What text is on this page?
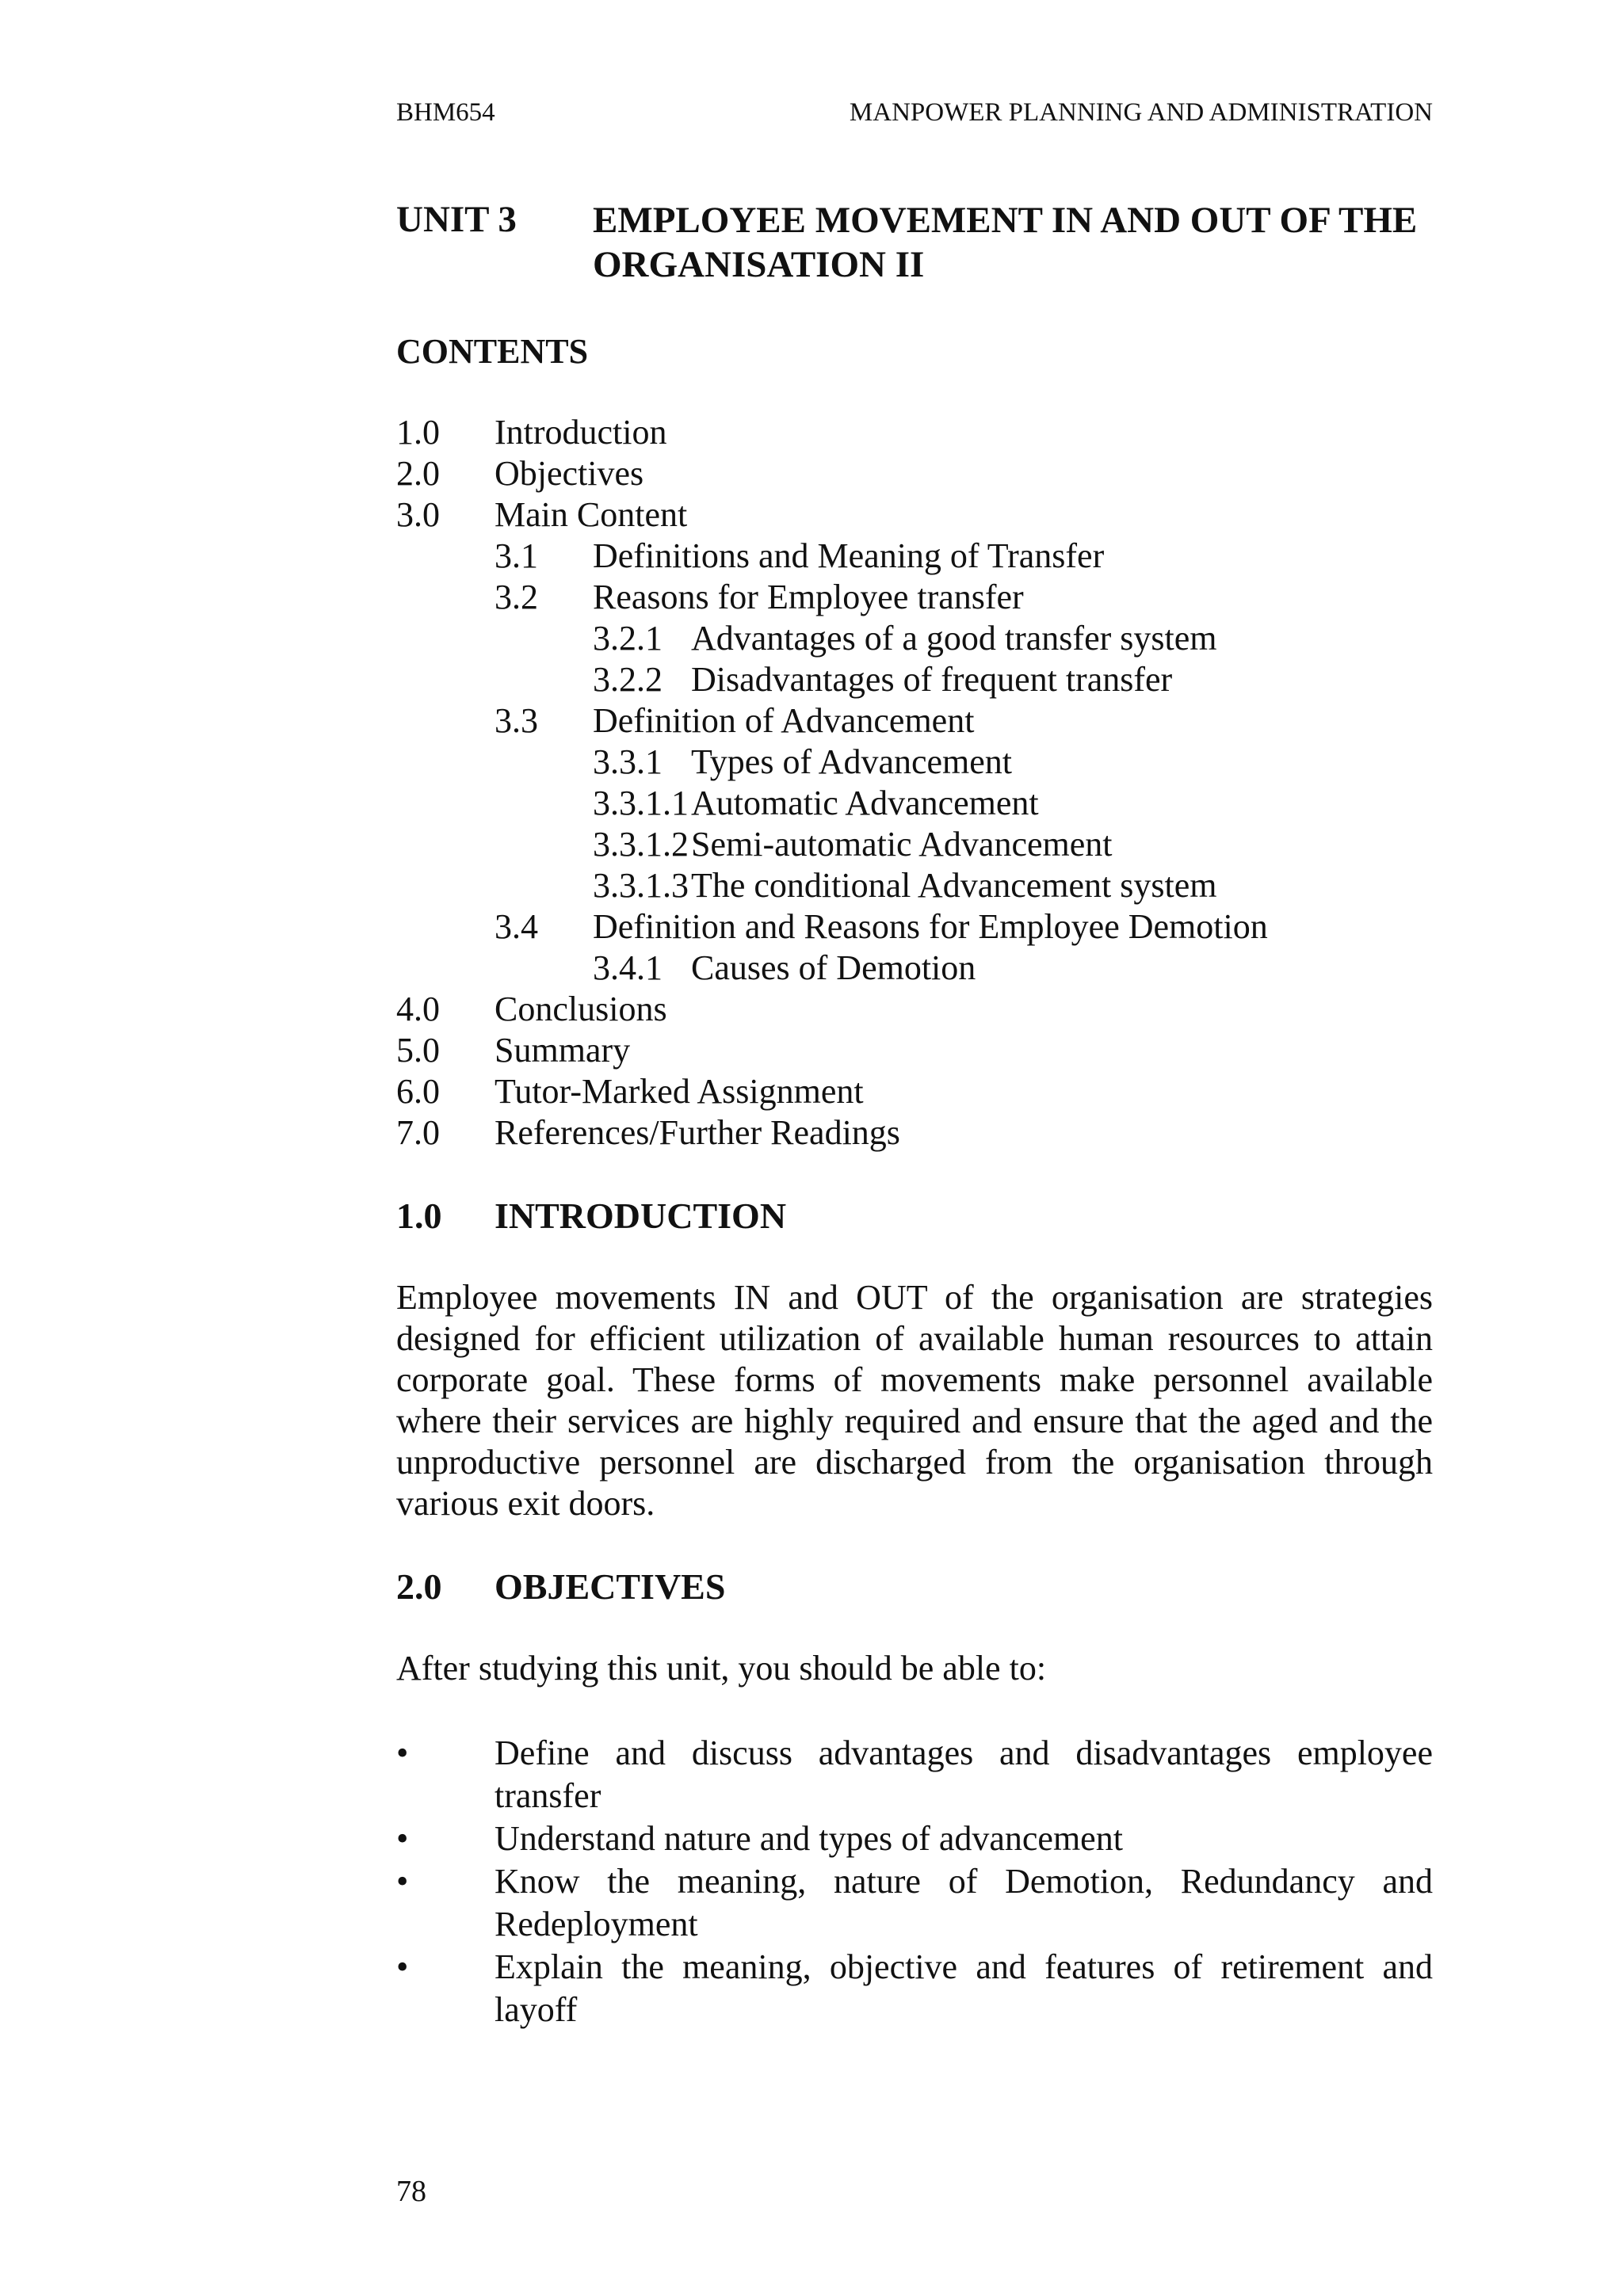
BHM654	MANPOWER PLANNING AND ADMINISTRATION
UNIT 3 EMPLOYEE MOVEMENT IN AND OUT OF THE ORGANISATION II
CONTENTS
1.0 Introduction
2.0 Objectives
3.0 Main Content
3.1 Definitions and Meaning of Transfer
3.2 Reasons for Employee transfer
3.2.1 Advantages of a good transfer system
3.2.2 Disadvantages of frequent transfer
3.3 Definition of Advancement
3.3.1 Types of Advancement
3.3.1.1 Automatic Advancement
3.3.1.2 Semi-automatic Advancement
3.3.1.3 The conditional Advancement system
3.4 Definition and Reasons for Employee Demotion
3.4.1 Causes of Demotion
4.0 Conclusions
5.0 Summary
6.0 Tutor-Marked Assignment
7.0 References/Further Readings
1.0 INTRODUCTION
Employee movements IN and OUT of the organisation are strategies designed for efficient utilization of available human resources to attain corporate goal. These forms of movements make personnel available where their services are highly required and ensure that the aged and the unproductive personnel are discharged from the organisation through various exit doors.
2.0 OBJECTIVES
After studying this unit, you should be able to:
• Define and discuss advantages and disadvantages employee transfer
• Understand nature and types of advancement
• Know the meaning, nature of Demotion, Redundancy and Redeployment
• Explain the meaning, objective and features of retirement and layoff
78
